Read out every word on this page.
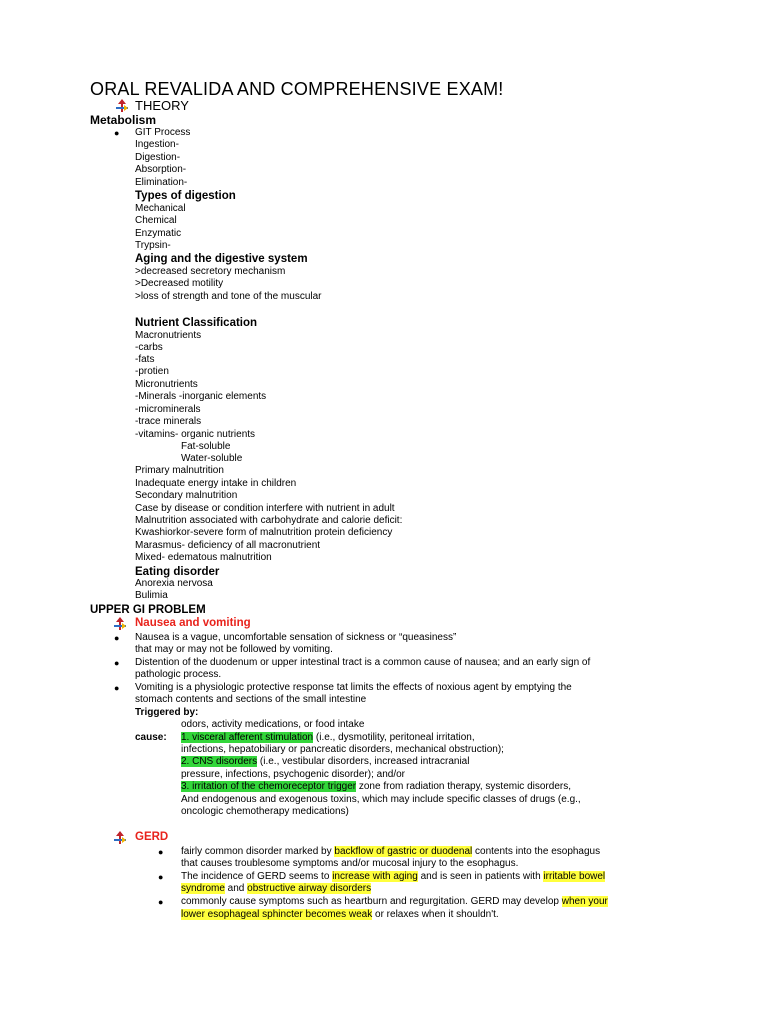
ORAL REVALIDA AND COMPREHENSIVE EXAM!
THEORY
Metabolism
● GIT Process
Ingestion-
Digestion-
Absorption-
Elimination-
Types of digestion
Mechanical
Chemical
Enzymatic
Trypsin-
Aging and the digestive system
>decreased secretory mechanism
>Decreased motility
>loss of strength and tone of the muscular
Nutrient Classification
Macronutrients
-carbs
-fats
-protien
Micronutrients
-Minerals -inorganic elements
-microminerals
-trace minerals
-vitamins- organic nutrients
Fat-soluble
Water-soluble
Primary malnutrition
Inadequate energy intake in children
Secondary malnutrition
Case by disease or condition interfere with nutrient in adult
Malnutrition associated with carbohydrate and calorie deficit:
Kwashiorkor-severe form of malnutrition protein deficiency
Marasmus- deficiency of all macronutrient
Mixed- edematous malnutrition
Eating disorder
Anorexia nervosa
Bulimia
UPPER GI PROBLEM
Nausea and vomiting
● Nausea is a vague, uncomfortable sensation of sickness or “queasiness”
that may or may not be followed by vomiting.
● Distention of the duodenum or upper intestinal tract is a common cause of nausea; and an early sign of
pathologic process.
● Vomiting is a physiologic protective response tat limits the effects of noxious agent by emptying the
stomach contents and sections of the small intestine
Triggered by:
odors, activity medications, or food intake
cause: 1. visceral afferent stimulation (i.e., dysmotility, peritoneal irritation,
infections, hepatobiliary or pancreatic disorders, mechanical obstruction);
2. CNS disorders (i.e., vestibular disorders, increased intracranial
pressure, infections, psychogenic disorder); and/or
3. irritation of the chemoreceptor trigger zone from radiation therapy, systemic disorders,
And endogenous and exogenous toxins, which may include specific classes of drugs (e.g.,
oncologic chemotherapy medications)
GERD
● fairly common disorder marked by backflow of gastric or duodenal contents into the esophagus
that causes troublesome symptoms and/or mucosal injury to the esophagus.
● The incidence of GERD seems to increase with aging and is seen in patients with irritable bowel
syndrome and obstructive airway disorders
● commonly cause symptoms such as heartburn and regurgitation. GERD may develop when your
lower esophageal sphincter becomes weak or relaxes when it shouldn't.
